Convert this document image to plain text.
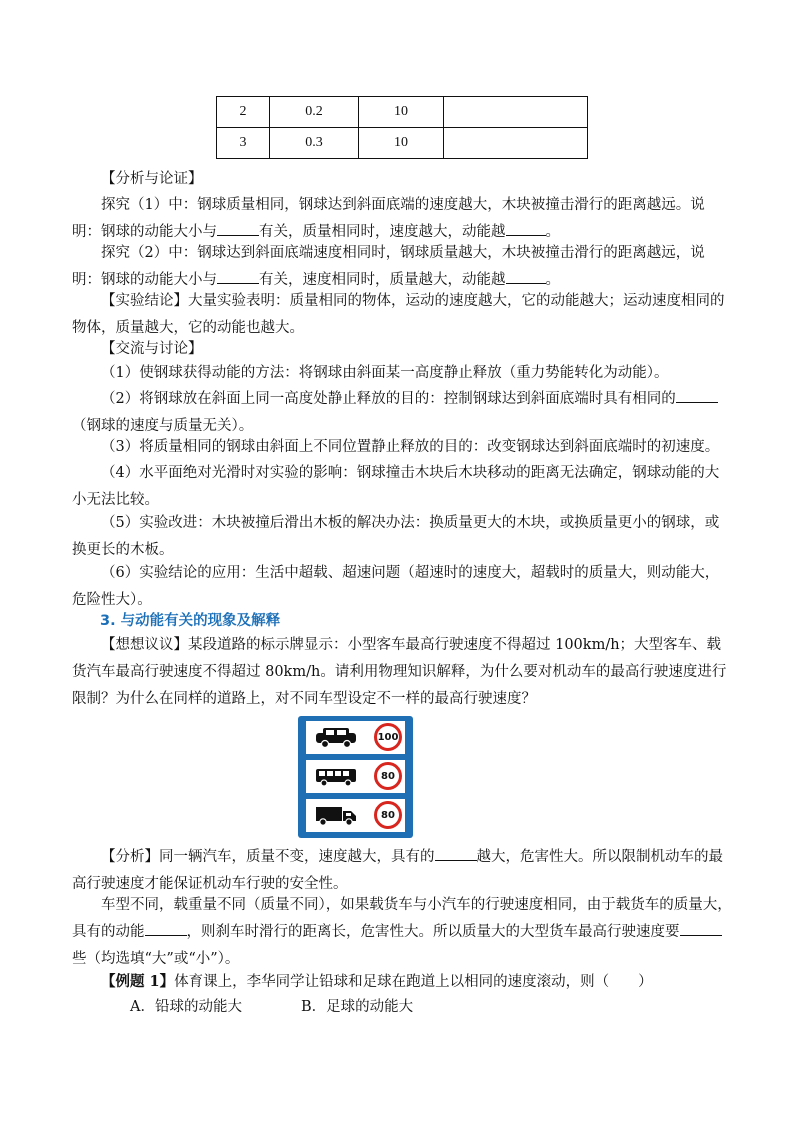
2	0.2	10	
3	0.3	10	

【分析与论证】

探究（1）中：钢球质量相同，钢球达到斜面底端的速度越大，木块被撞击滑行的距离越远。说明：钢球的动能大小与	有关，质量相同时，速度越大，动能越	。

探究（2）中：钢球达到斜面底端速度相同时，钢球质量越大，木块被撞击滑行的距离越远，说明：钢球的动能大小与	有关，速度相同时，质量越大，动能越	。

【实验结论】大量实验表明：质量相同的物体，运动的速度越大，它的动能越大；运动速度相同的物体，质量越大，它的动能也越大。

【交流与讨论】

（1）使钢球获得动能的方法：将钢球由斜面某一高度静止释放（重力势能转化为动能）。

（2）将钢球放在斜面上同一高度处静止释放的目的：控制钢球达到斜面底端时具有相同的（钢球的速度与质量无关）。

（3）将质量相同的钢球由斜面上不同位置静止释放的目的：改变钢球达到斜面底端时的初速度。

（4）水平面绝对光滑时对实验的影响：钢球撞击木块后木块移动的距离无法确定，钢球动能的大小无法比较。

（5）实验改进：木块被撞后滑出木板的解决办法：换质量更大的木块，或换质量更小的钢球，或换更长的木板。

（6）实验结论的应用：生活中超载、超速问题（超速时的速度大，超载时的质量大，则动能大，危险性大）。

3. 与动能有关的现象及解释

【想想议议】某段道路的标示牌显示：小型客车最高行驶速度不得超过 100km/h；大型客车、载货汽车最高行驶速度不得超过 80km/h。请利用物理知识解释，为什么要对机动车的最高行驶速度进行限制？为什么在同样的道路上，对不同车型设定不一样的最高行驶速度？

100
80
80

【分析】同一辆汽车，质量不变，速度越大，具有的	越大，危害性大。所以限制机动车的最高行驶速度才能保证机动车行驶的安全性。

车型不同，载重量不同（质量不同），如果载货车与小汽车的行驶速度相同，由于载货车的质量大，具有的动能	，则刹车时滑行的距离长，危害性大。所以质量大的大型货车最高行驶速度要些（均选填“大”或“小”）。

【例题 1】体育课上，李华同学让铅球和足球在跑道上以相同的速度滚动，则（　　）

A．铅球的动能大	B．足球的动能大
